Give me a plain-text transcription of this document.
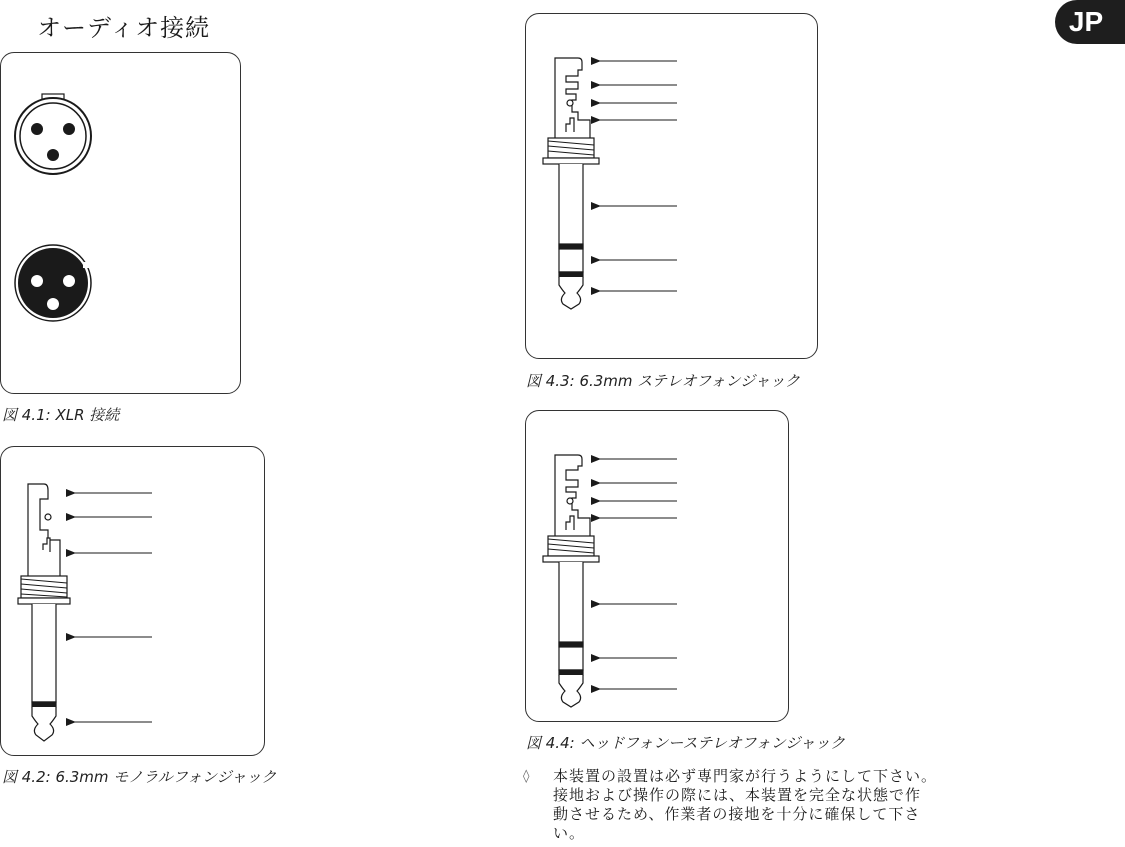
オーディオ接続	JP
図 4.1: XLR 接続
図 4.2: 6.3mm モノラルフォンジャック
図 4.3: 6.3mm ステレオフォンジャック
図 4.4: ヘッドフォンーステレオフォンジャック
◊ 本装置の設置は必ず専門家が行うようにして下さい。
接地および操作の際には、本装置を完全な状態で作
動させるため、作業者の接地を十分に確保して下さ
い。
